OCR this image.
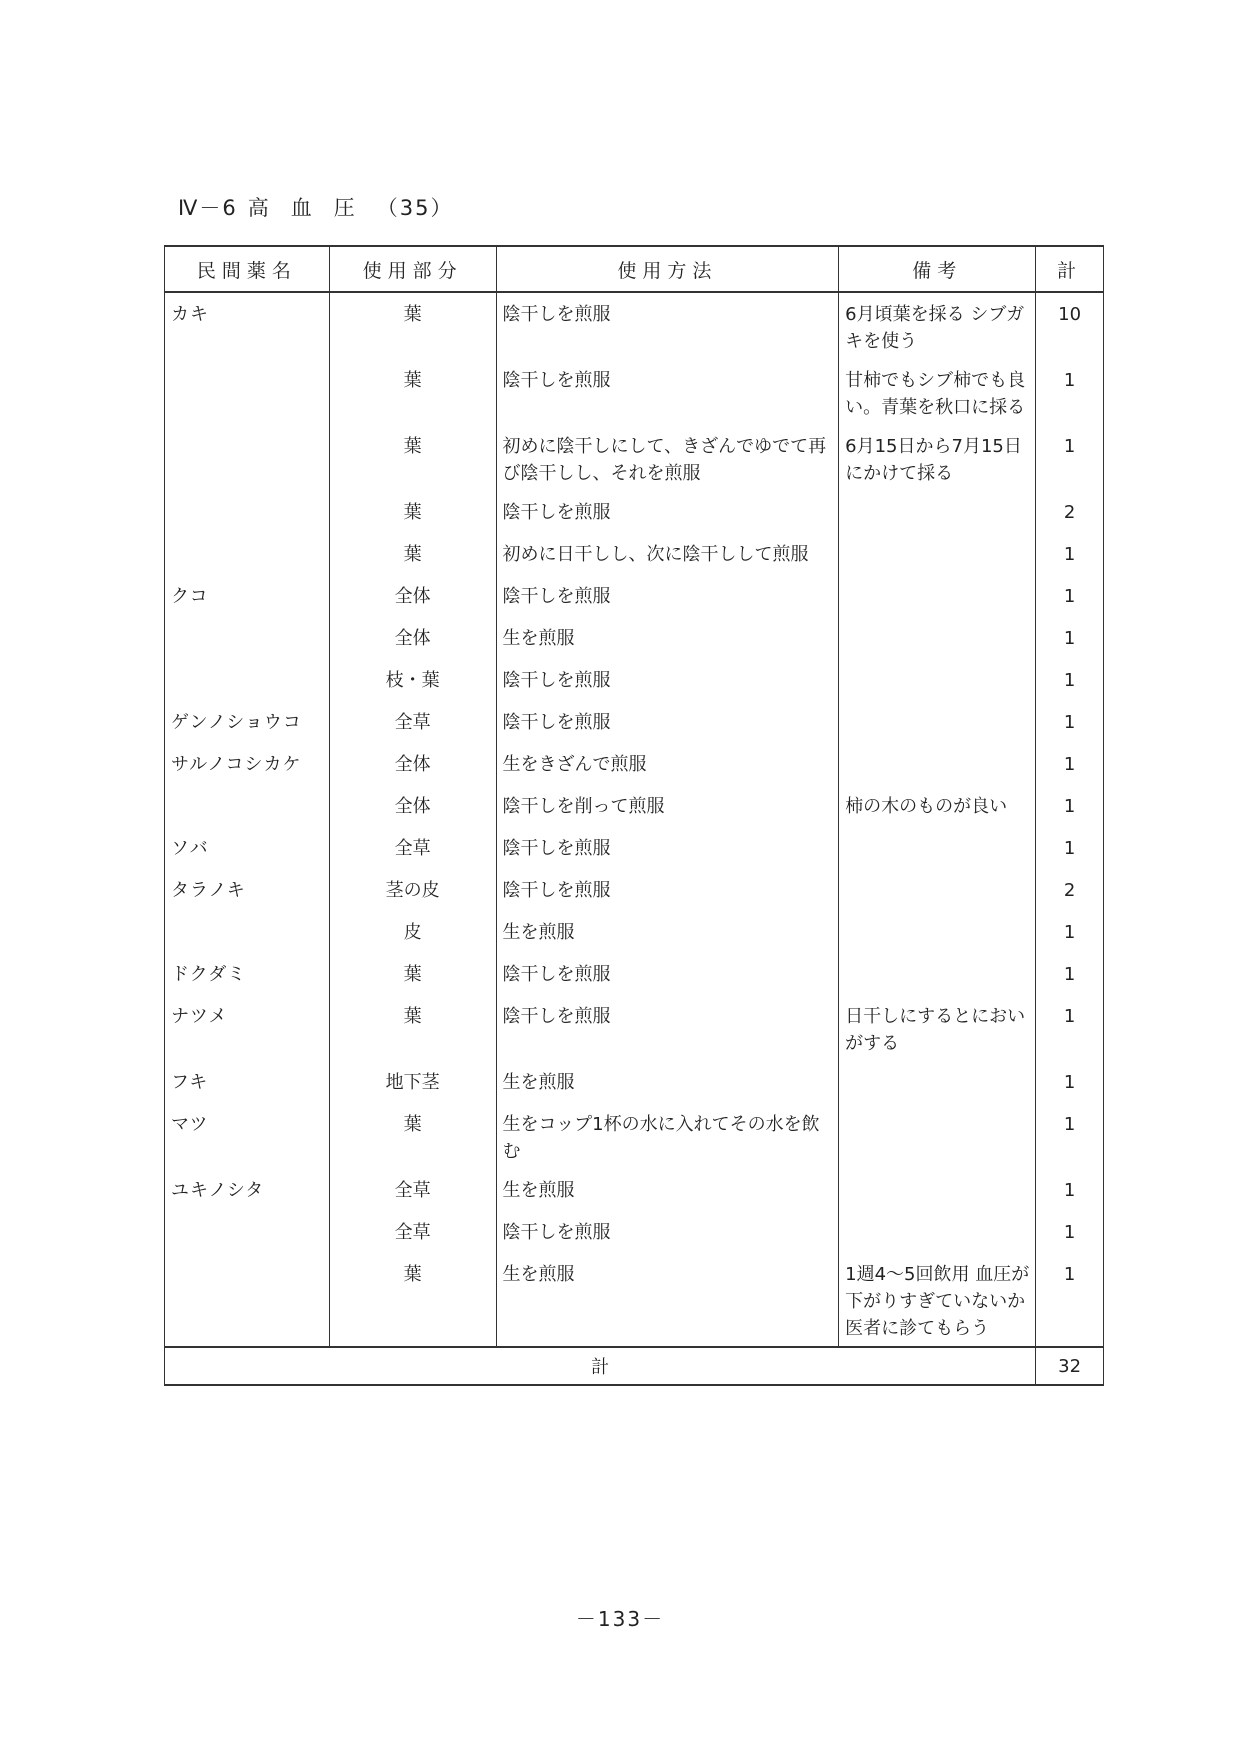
Ⅳ－6 高血圧（35）
民間薬名	使用部分	使用方法	備考	計
カキ	葉	陰干しを煎服	6月頃葉を採る シブガキを使う	10
	葉	陰干しを煎服	甘柿でもシブ柿でも良い。青葉を秋口に採る	1
	葉	初めに陰干しにして、きざんでゆでて再び陰干しし、それを煎服	6月15日から7月15日にかけて採る	1
	葉	陰干しを煎服		2
	葉	初めに日干しし、次に陰干しして煎服		1
クコ	全体	陰干しを煎服		1
	全体	生を煎服		1
	枝・葉	陰干しを煎服		1
ゲンノショウコ	全草	陰干しを煎服		1
サルノコシカケ	全体	生をきざんで煎服		1
	全体	陰干しを削って煎服	柿の木のものが良い	1
ソバ	全草	陰干しを煎服		1
タラノキ	茎の皮	陰干しを煎服		2
	皮	生を煎服		1
ドクダミ	葉	陰干しを煎服		1
ナツメ	葉	陰干しを煎服	日干しにするとにおいがする	1
フキ	地下茎	生を煎服		1
マツ	葉	生をコップ1杯の水に入れてその水を飲む		1
ユキノシタ	全草	生を煎服		1
	全草	陰干しを煎服		1
	葉	生を煎服	1週4～5回飲用 血圧が下がりすぎていないか医者に診てもらう	1
計				32
－133－
